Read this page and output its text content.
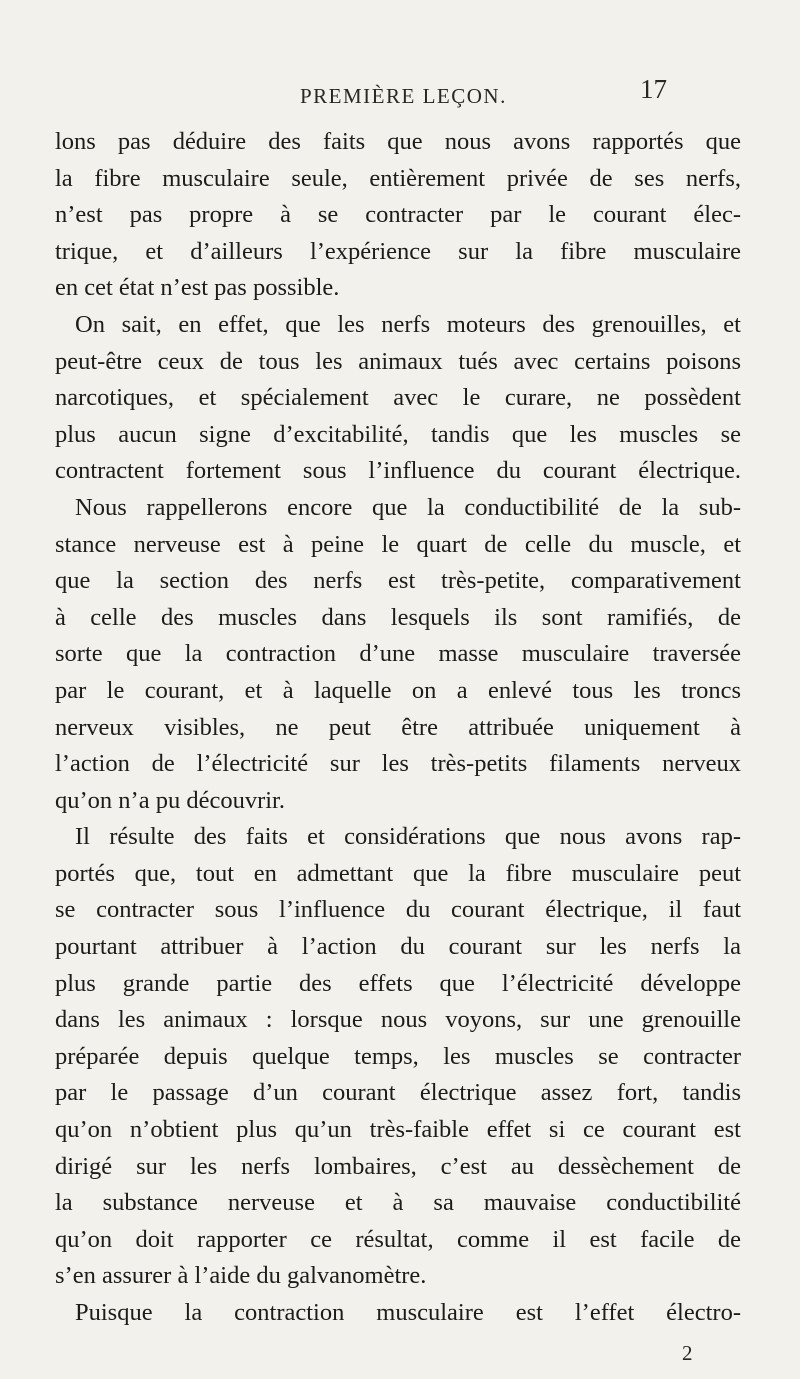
PREMIÈRE LEÇON.	17
lons pas déduire des faits que nous avons rapportés que
la fibre musculaire seule, entièrement privée de ses nerfs,
n’est pas propre à se contracter par le courant élec-
trique, et d’ailleurs l’expérience sur la fibre musculaire
en cet état n’est pas possible.
On sait, en effet, que les nerfs moteurs des grenouilles, et
peut-être ceux de tous les animaux tués avec certains poisons
narcotiques, et spécialement avec le curare, ne possèdent
plus aucun signe d’excitabilité, tandis que les muscles se
contractent fortement sous l’influence du courant électrique.
Nous rappellerons encore que la conductibilité de la sub-
stance nerveuse est à peine le quart de celle du muscle, et
que la section des nerfs est très-petite, comparativement
à celle des muscles dans lesquels ils sont ramifiés, de
sorte que la contraction d’une masse musculaire traversée
par le courant, et à laquelle on a enlevé tous les troncs
nerveux visibles, ne peut être attribuée uniquement à
l’action de l’électricité sur les très-petits filaments nerveux
qu’on n’a pu découvrir.
Il résulte des faits et considérations que nous avons rap-
portés que, tout en admettant que la fibre musculaire peut
se contracter sous l’influence du courant électrique, il faut
pourtant attribuer à l’action du courant sur les nerfs la
plus grande partie des effets que l’électricité développe
dans les animaux : lorsque nous voyons, sur une grenouille
préparée depuis quelque temps, les muscles se contracter
par le passage d’un courant électrique assez fort, tandis
qu’on n’obtient plus qu’un très-faible effet si ce courant est
dirigé sur les nerfs lombaires, c’est au dessèchement de
la substance nerveuse et à sa mauvaise conductibilité
qu’on doit rapporter ce résultat, comme il est facile de
s’en assurer à l’aide du galvanomètre.
Puisque la contraction musculaire est l’effet électro-
2
